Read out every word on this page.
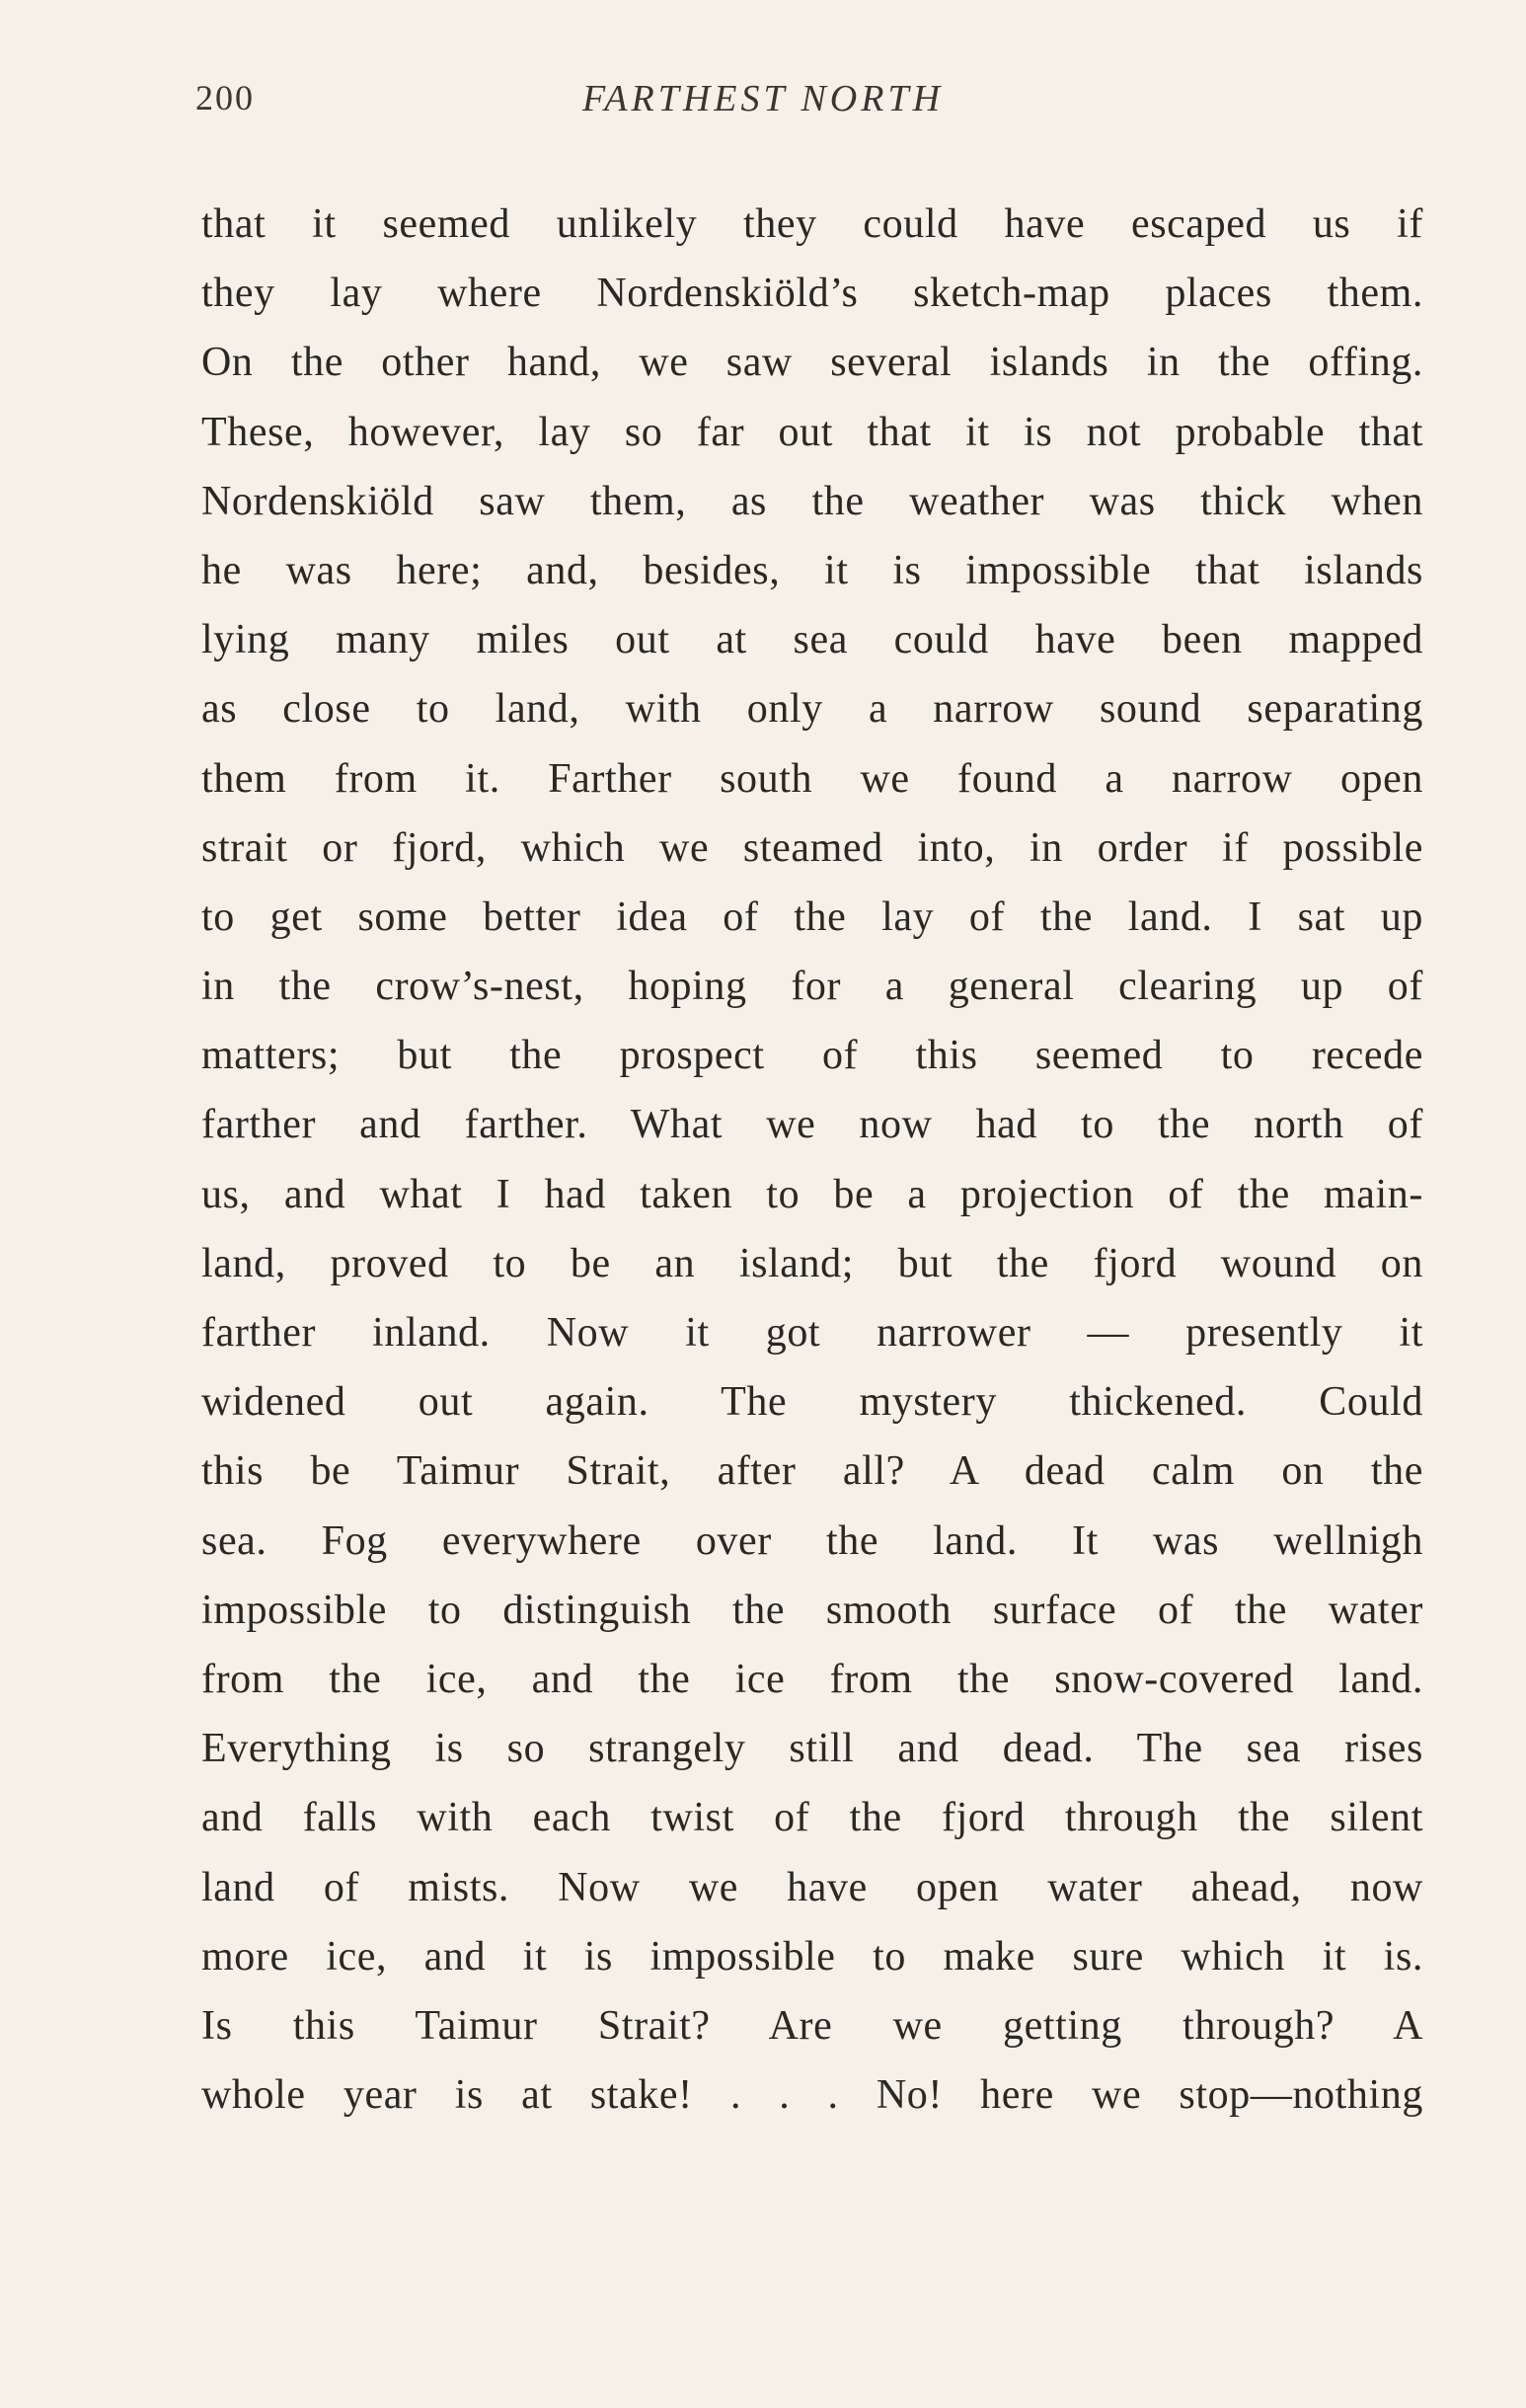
200	FARTHEST NORTH
that it seemed unlikely they could have escaped us if
they lay where Nordenskiöld’s sketch-map places them.
On the other hand, we saw several islands in the offing.
These, however, lay so far out that it is not probable that
Nordenskiöld saw them, as the weather was thick when
he was here; and, besides, it is impossible that islands
lying many miles out at sea could have been mapped
as close to land, with only a narrow sound separating
them from it. Farther south we found a narrow open
strait or fjord, which we steamed into, in order if possible
to get some better idea of the lay of the land. I sat up
in the crow’s-nest, hoping for a general clearing up of
matters; but the prospect of this seemed to recede
farther and farther. What we now had to the north of
us, and what I had taken to be a projection of the main-
land, proved to be an island; but the fjord wound on
farther inland. Now it got narrower — presently it
widened out again. The mystery thickened. Could
this be Taimur Strait, after all? A dead calm on the
sea. Fog everywhere over the land. It was wellnigh
impossible to distinguish the smooth surface of the water
from the ice, and the ice from the snow-covered land.
Everything is so strangely still and dead. The sea rises
and falls with each twist of the fjord through the silent
land of mists. Now we have open water ahead, now
more ice, and it is impossible to make sure which it is.
Is this Taimur Strait? Are we getting through? A
whole year is at stake! . . . No! here we stop—nothing
